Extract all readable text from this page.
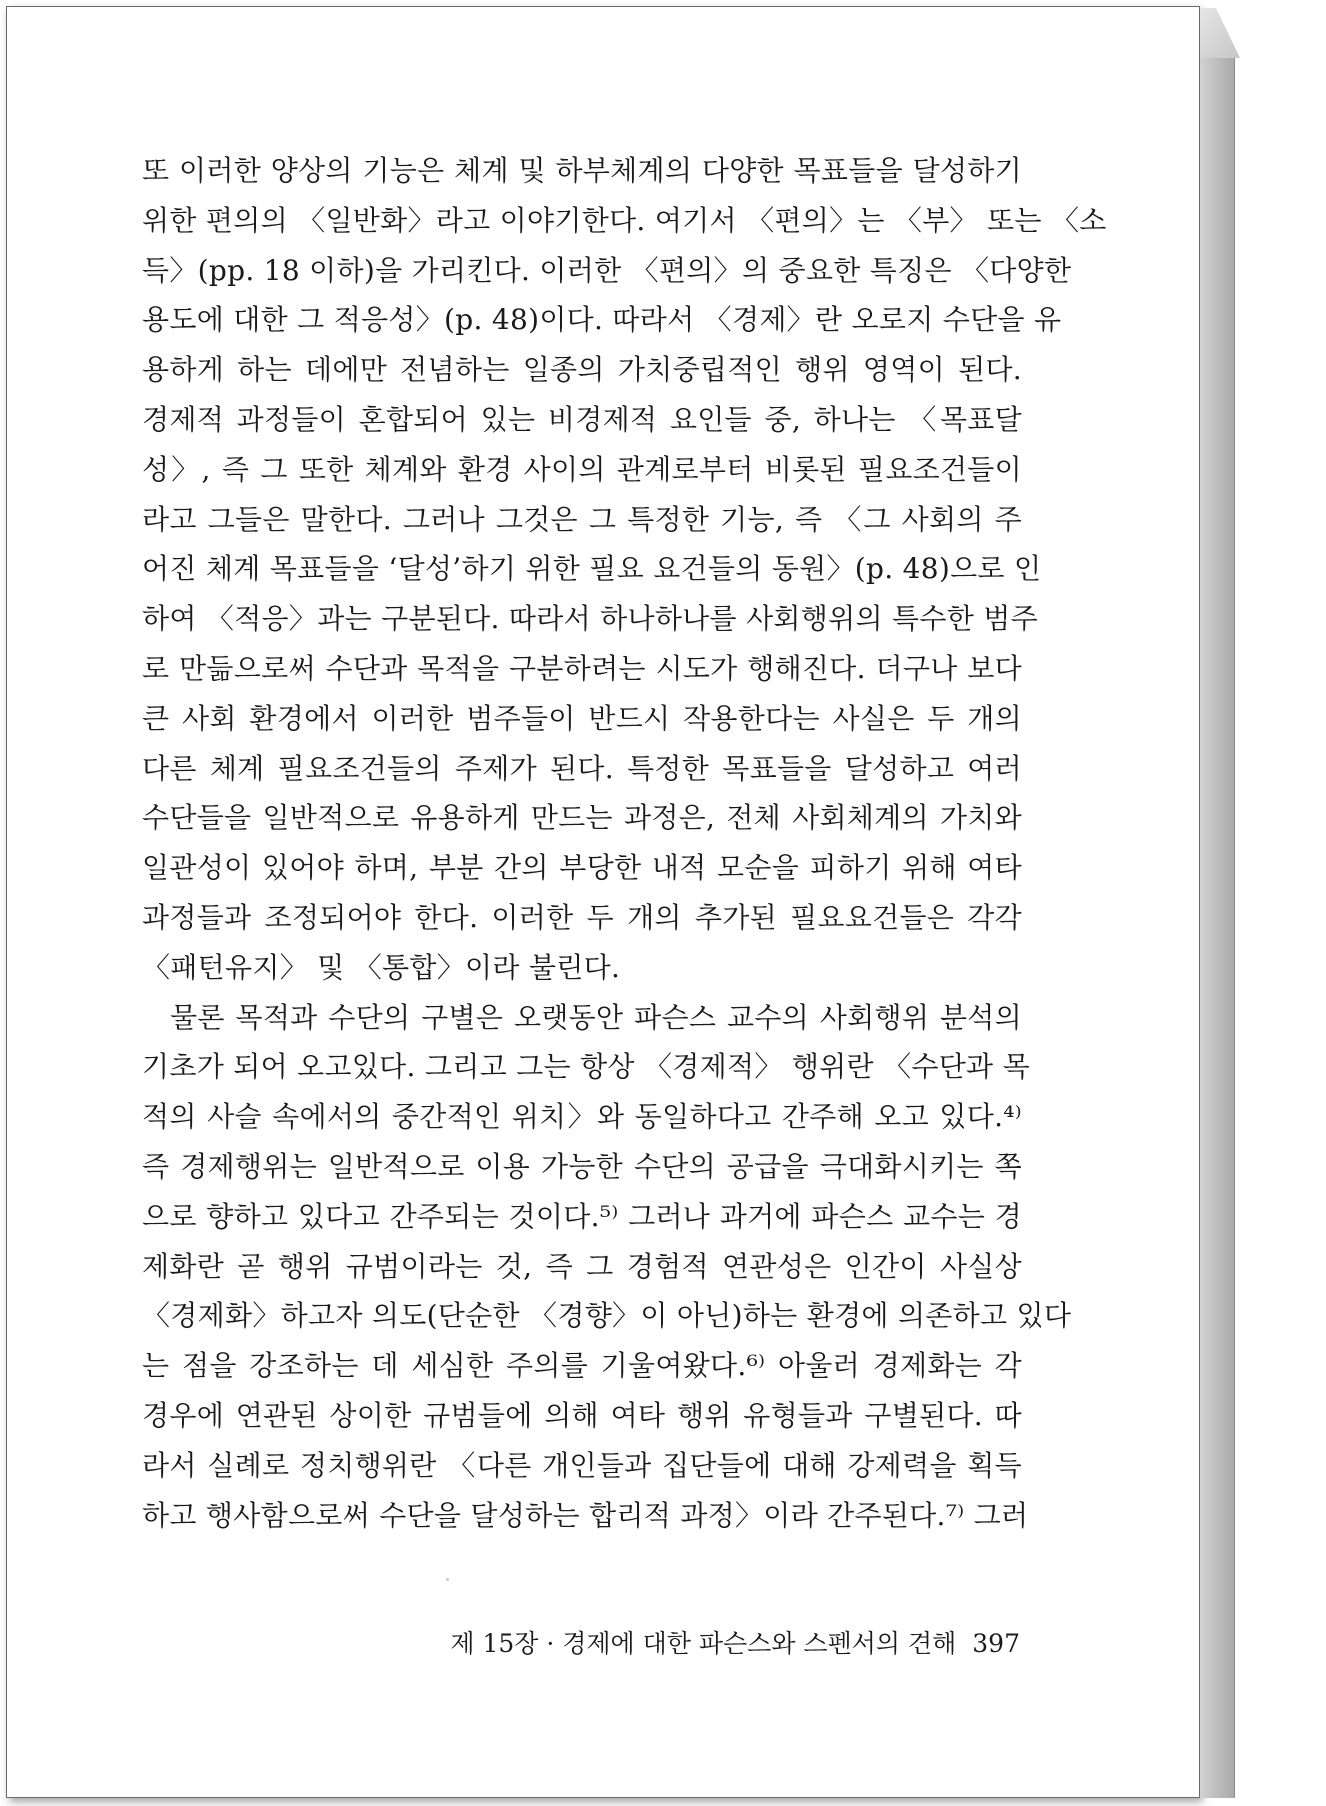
또 이러한 양상의 기능은 체계 및 하부체계의 다양한 목표들을 달성하기
위한 편의의 〈일반화〉라고 이야기한다. 여기서 〈편의〉는 〈부〉 또는 〈소
득〉(pp. 18 이하)을 가리킨다. 이러한 〈편의〉의 중요한 특징은 〈다양한
용도에 대한 그 적응성〉(p. 48)이다. 따라서 〈경제〉란 오로지 수단을 유
용하게 하는 데에만 전념하는 일종의 가치중립적인 행위 영역이 된다.
경제적 과정들이 혼합되어 있는 비경제적 요인들 중, 하나는 〈목표달
성〉, 즉 그 또한 체계와 환경 사이의 관계로부터 비롯된 필요조건들이
라고 그들은 말한다. 그러나 그것은 그 특정한 기능, 즉 〈그 사회의 주
어진 체계 목표들을 ‘달성’하기 위한 필요 요건들의 동원〉(p. 48)으로 인
하여 〈적응〉과는 구분된다. 따라서 하나하나를 사회행위의 특수한 범주
로 만듦으로써 수단과 목적을 구분하려는 시도가 행해진다. 더구나 보다
큰 사회 환경에서 이러한 범주들이 반드시 작용한다는 사실은 두 개의
다른 체계 필요조건들의 주제가 된다. 특정한 목표들을 달성하고 여러
수단들을 일반적으로 유용하게 만드는 과정은, 전체 사회체계의 가치와
일관성이 있어야 하며, 부분 간의 부당한 내적 모순을 피하기 위해 여타
과정들과 조정되어야 한다. 이러한 두 개의 추가된 필요요건들은 각각
〈패턴유지〉 및 〈통합〉이라 불린다.
물론 목적과 수단의 구별은 오랫동안 파슨스 교수의 사회행위 분석의
기초가 되어 오고있다. 그리고 그는 항상 〈경제적〉 행위란 〈수단과 목
적의 사슬 속에서의 중간적인 위치〉와 동일하다고 간주해 오고 있다.⁴⁾
즉 경제행위는 일반적으로 이용 가능한 수단의 공급을 극대화시키는 쪽
으로 향하고 있다고 간주되는 것이다.⁵⁾ 그러나 과거에 파슨스 교수는 경
제화란 곧 행위 규범이라는 것, 즉 그 경험적 연관성은 인간이 사실상
〈경제화〉하고자 의도(단순한 〈경향〉이 아닌)하는 환경에 의존하고 있다
는 점을 강조하는 데 세심한 주의를 기울여왔다.⁶⁾ 아울러 경제화는 각
경우에 연관된 상이한 규범들에 의해 여타 행위 유형들과 구별된다. 따
라서 실례로 정치행위란 〈다른 개인들과 집단들에 대해 강제력을 획득
하고 행사함으로써 수단을 달성하는 합리적 과정〉이라 간주된다.⁷⁾ 그러
제 15장 · 경제에 대한 파슨스와 스펜서의 견해 397
